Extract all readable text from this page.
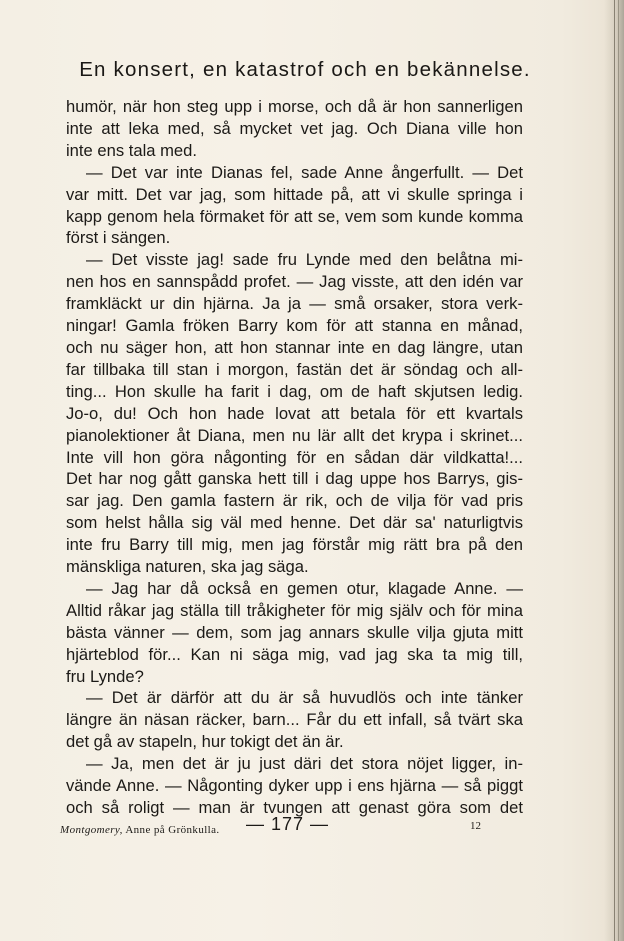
En konsert, en katastrof och en bekännelse.
humör, när hon steg upp i morse, och då är hon sannerligen
inte att leka med, så mycket vet jag. Och Diana ville hon
inte ens tala med.
— Det var inte Dianas fel, sade Anne ångerfullt. — Det
var mitt. Det var jag, som hittade på, att vi skulle springa i
kapp genom hela förmaket för att se, vem som kunde komma
först i sängen.
— Det visste jag! sade fru Lynde med den belåtna mi-
nen hos en sannspådd profet. — Jag visste, att den idén var
framkläckt ur din hjärna. Ja ja — små orsaker, stora verk-
ningar! Gamla fröken Barry kom för att stanna en månad,
och nu säger hon, att hon stannar inte en dag längre, utan
far tillbaka till stan i morgon, fastän det är söndag och all-
ting... Hon skulle ha farit i dag, om de haft skjutsen ledig.
Jo-o, du! Och hon hade lovat att betala för ett kvartals
pianolektioner åt Diana, men nu lär allt det krypa i skrinet...
Inte vill hon göra någonting för en sådan där vildkatta!...
Det har nog gått ganska hett till i dag uppe hos Barrys, gis-
sar jag. Den gamla fastern är rik, och de vilja för vad pris
som helst hålla sig väl med henne. Det där sa' naturligtvis
inte fru Barry till mig, men jag förstår mig rätt bra på den
mänskliga naturen, ska jag säga.
— Jag har då också en gemen otur, klagade Anne. —
Alltid råkar jag ställa till tråkigheter för mig själv och för mina
bästa vänner — dem, som jag annars skulle vilja gjuta mitt
hjärteblod för... Kan ni säga mig, vad jag ska ta mig till,
fru Lynde?
— Det är därför att du är så huvudlös och inte tänker
längre än näsan räcker, barn... Får du ett infall, så tvärt ska
det gå av stapeln, hur tokigt det än är.
— Ja, men det är ju just däri det stora nöjet ligger, in-
vände Anne. — Någonting dyker upp i ens hjärna — så piggt
och så roligt — man är tvungen att genast göra som det
Montgomery, Anne på Grönkulla. — 177 —	12
